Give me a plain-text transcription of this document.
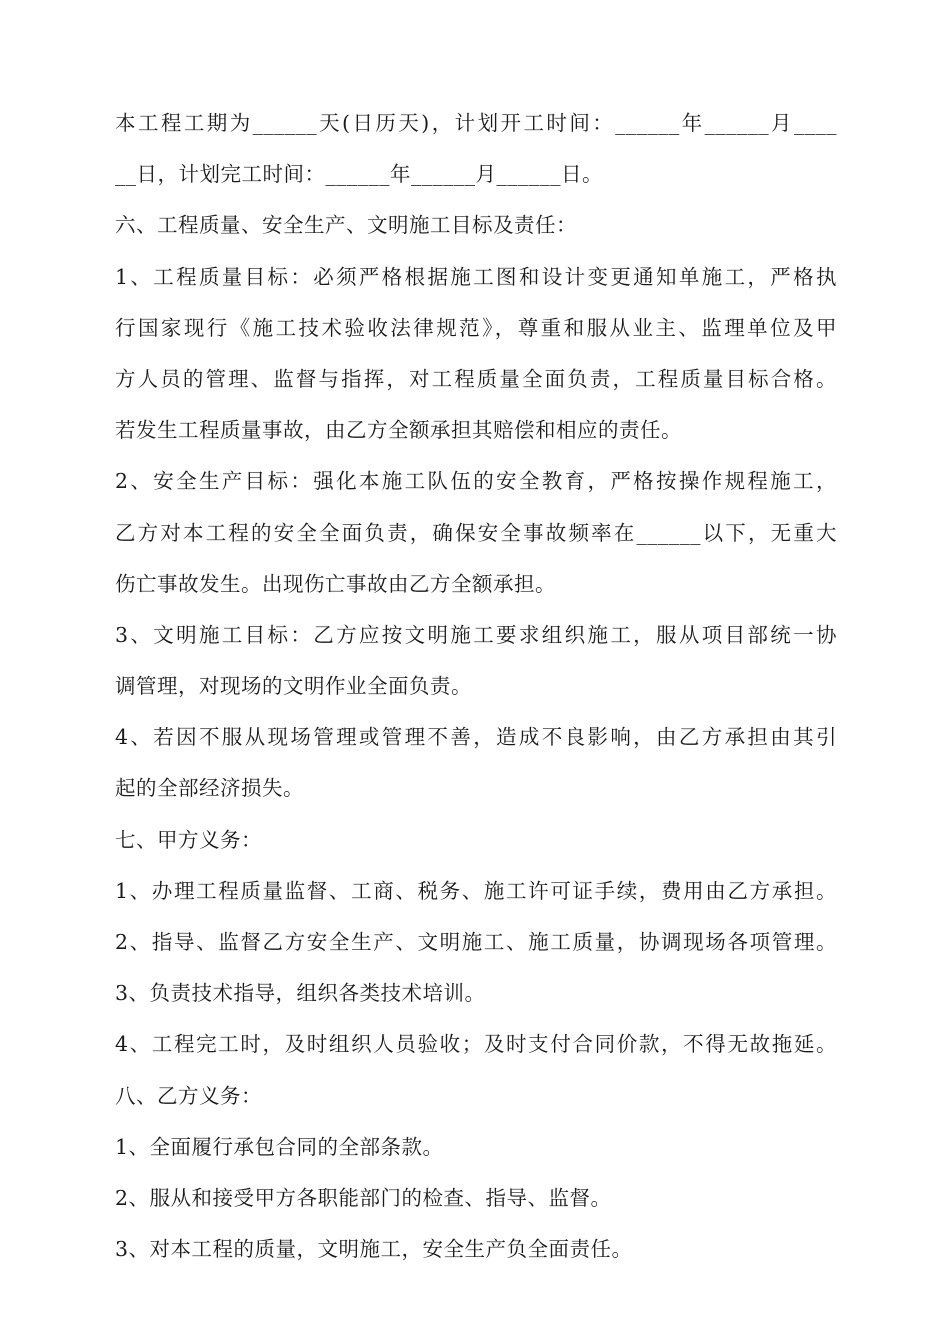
本工程工期为______天(日历天)，计划开工时间：______年______月____
__日，计划完工时间：______年______月______日。
六、工程质量、安全生产、文明施工目标及责任：
1、工程质量目标：必须严格根据施工图和设计变更通知单施工，严格执
行国家现行《施工技术验收法律规范》，尊重和服从业主、监理单位及甲
方人员的管理、监督与指挥，对工程质量全面负责，工程质量目标合格。
若发生工程质量事故，由乙方全额承担其赔偿和相应的责任。
2、安全生产目标：强化本施工队伍的安全教育，严格按操作规程施工，
乙方对本工程的安全全面负责，确保安全事故频率在______以下，无重大
伤亡事故发生。出现伤亡事故由乙方全额承担。
3、文明施工目标：乙方应按文明施工要求组织施工，服从项目部统一协
调管理，对现场的文明作业全面负责。
4、若因不服从现场管理或管理不善，造成不良影响，由乙方承担由其引
起的全部经济损失。
七、甲方义务：
1、办理工程质量监督、工商、税务、施工许可证手续，费用由乙方承担。
2、指导、监督乙方安全生产、文明施工、施工质量，协调现场各项管理。
3、负责技术指导，组织各类技术培训。
4、工程完工时，及时组织人员验收；及时支付合同价款，不得无故拖延。
八、乙方义务：
1、全面履行承包合同的全部条款。
2、服从和接受甲方各职能部门的检查、指导、监督。
3、对本工程的质量，文明施工，安全生产负全面责任。
